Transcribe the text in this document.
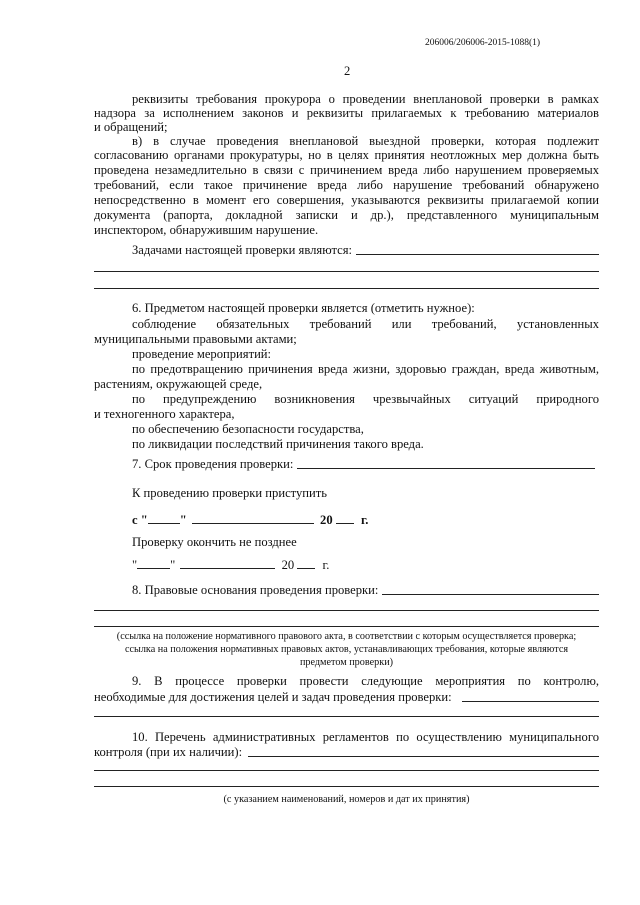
206006/206006-2015-1088(1)
2
реквизиты требования прокурора о проведении внеплановой проверки в рамках
надзора за исполнением законов и реквизиты прилагаемых к требованию материалов
и обращений;
в) в случае проведения внеплановой выездной проверки, которая подлежит
согласованию органами прокуратуры, но в целях принятия неотложных мер должна быть
проведена незамедлительно в связи с причинением вреда либо нарушением проверяемых
требований, если такое причинение вреда либо нарушение требований обнаружено
непосредственно в момент его совершения, указываются реквизиты прилагаемой копии
документа (рапорта, докладной записки и др.), представленного муниципальным
инспектором, обнаружившим нарушение.
Задачами настоящей проверки являются:
6. Предметом настоящей проверки является (отметить нужное):
соблюдение обязательных требований или требований, установленных
муниципальными правовыми актами;
проведение мероприятий:
по предотвращению причинения вреда жизни, здоровью граждан, вреда животным,
растениям, окружающей среде,
по предупреждению возникновения чрезвычайных ситуаций природного
и техногенного характера,
по обеспечению безопасности государства,
по ликвидации последствий причинения такого вреда.
7. Срок проведения проверки:
К проведению проверки приступить
с "	"	20 г.
Проверку окончить не позднее
"	"	20 г.
8. Правовые основания проведения проверки:
(ссылка на положение нормативного правового акта, в соответствии с которым осуществляется проверка;
ссылка на положения нормативных правовых актов, устанавливающих требования, которые являются
предметом проверки)
9. В процессе проверки провести следующие мероприятия по контролю,
необходимые для достижения целей и задач проведения проверки:
10. Перечень административных регламентов по осуществлению муниципального
контроля (при их наличии):
(с указанием наименований, номеров и дат их принятия)
